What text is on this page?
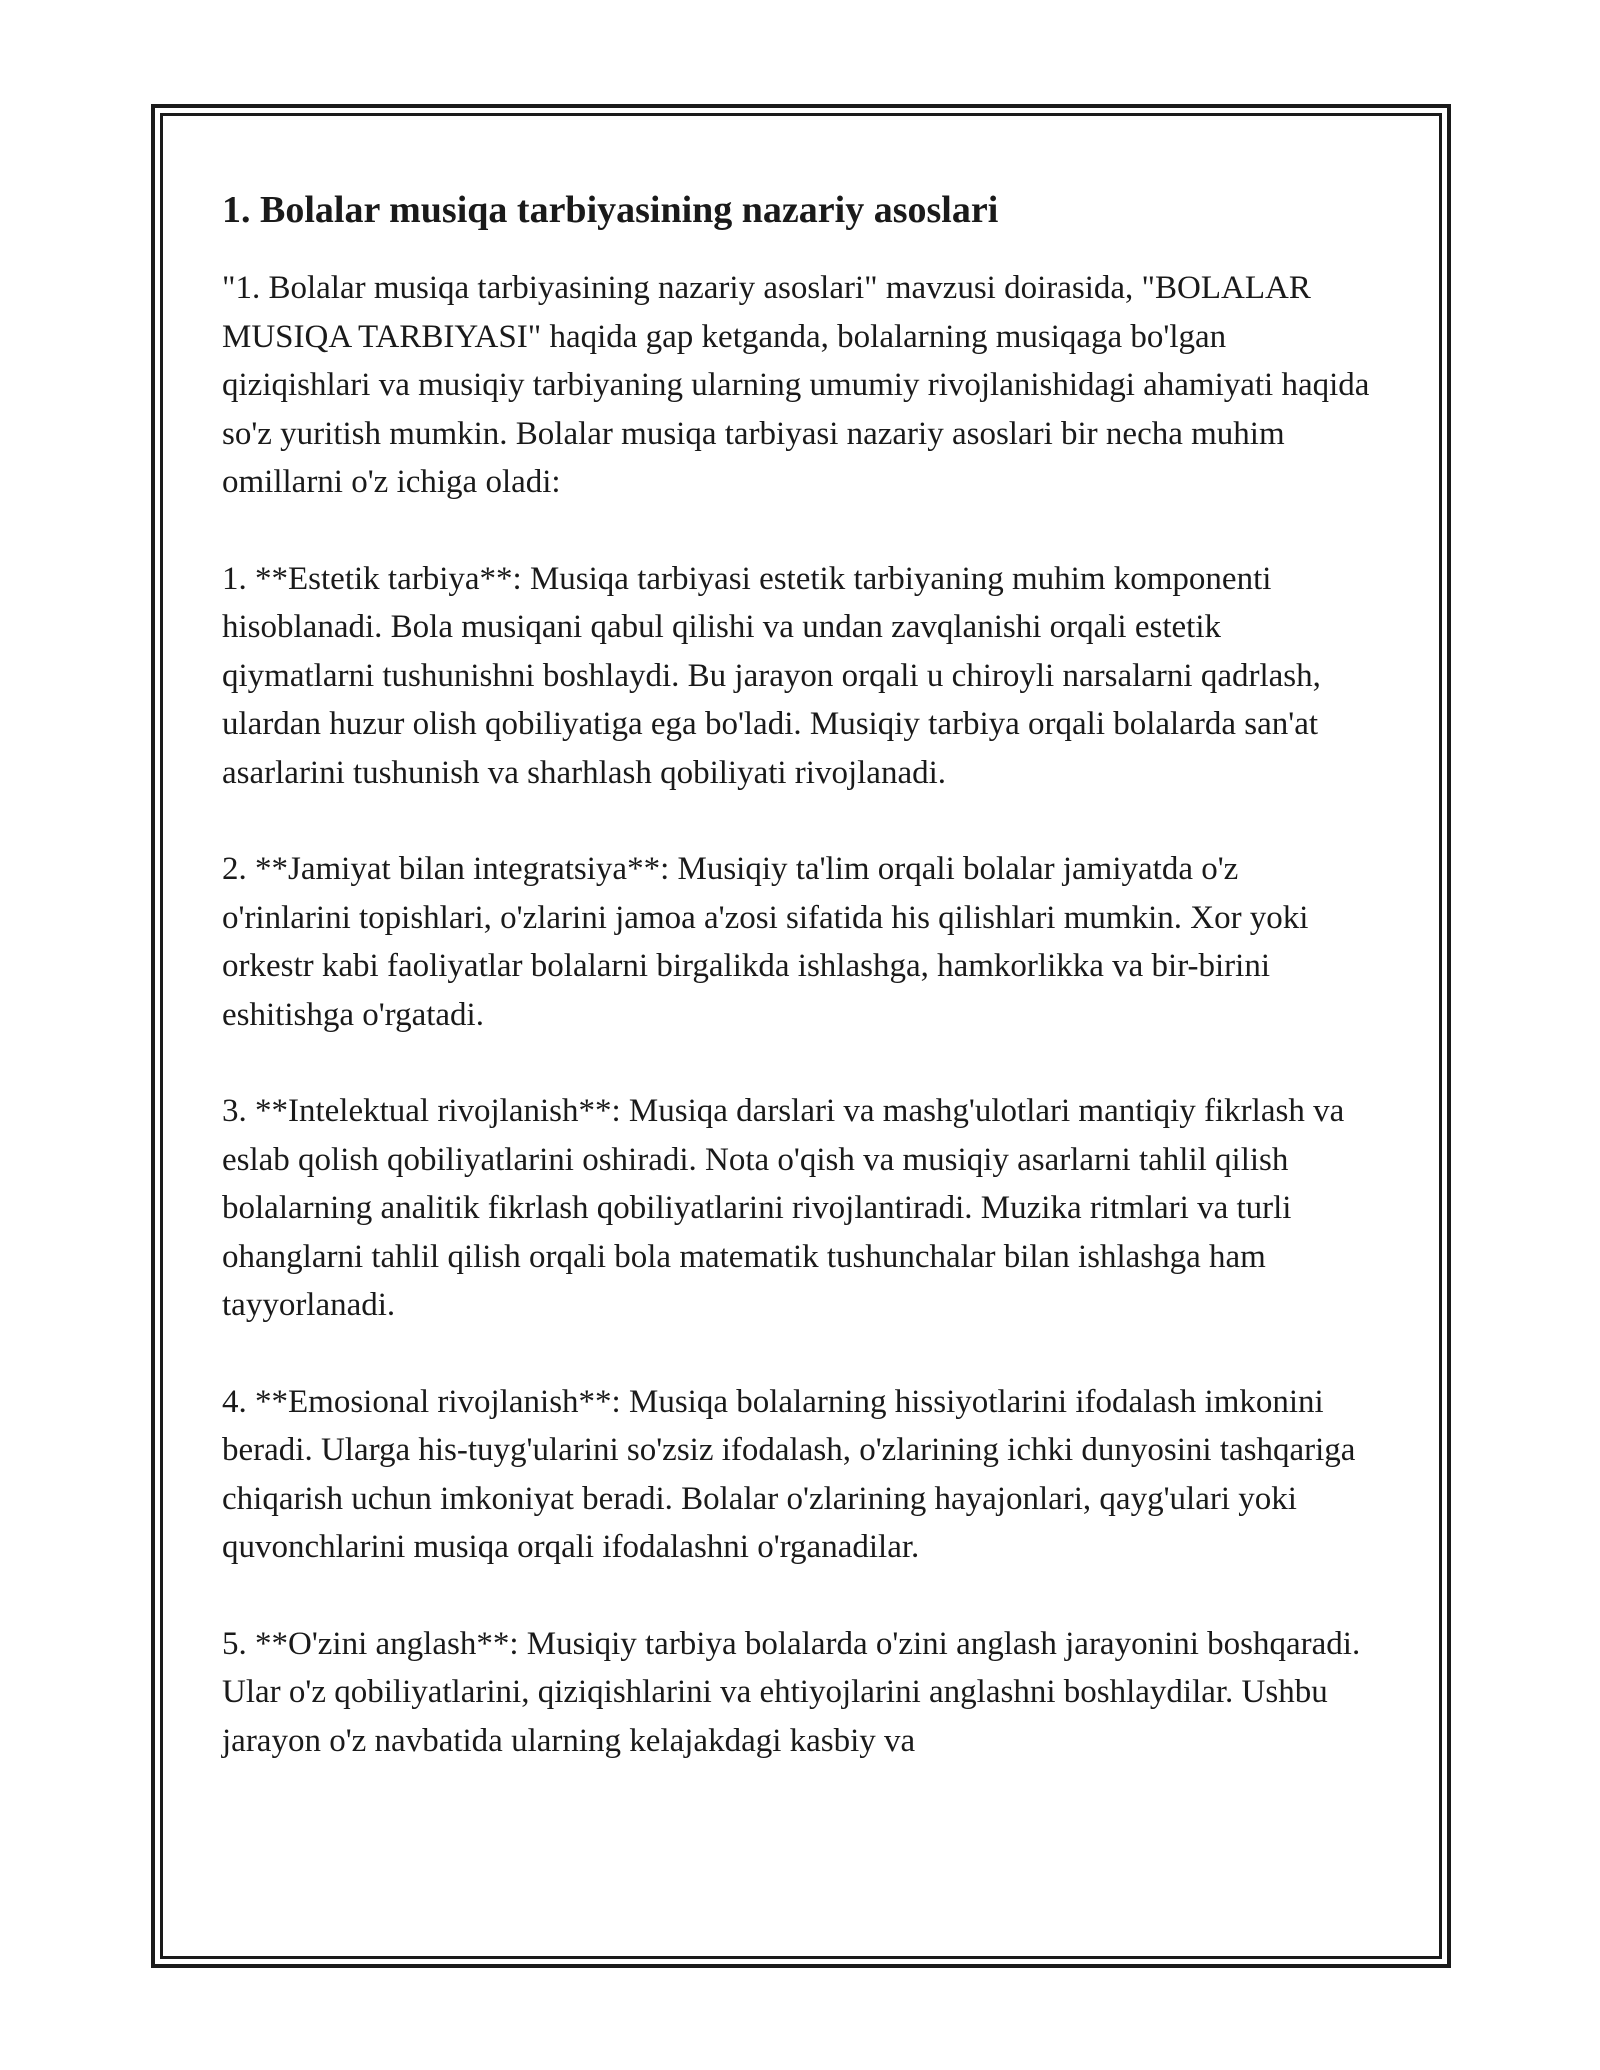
1. Bolalar musiqa tarbiyasining nazariy asoslari

"1. Bolalar musiqa tarbiyasining nazariy asoslari" mavzusi doirasida, "BOLALAR MUSIQA TARBIYASI" haqida gap ketganda, bolalarning musiqaga bo'lgan qiziqishlari va musiqiy tarbiyaning ularning umumiy rivojlanishidagi ahamiyati haqida so'z yuritish mumkin. Bolalar musiqa tarbiyasi nazariy asoslari bir necha muhim omillarni o'z ichiga oladi:

1. **Estetik tarbiya**: Musiqa tarbiyasi estetik tarbiyaning muhim komponenti hisoblanadi. Bola musiqani qabul qilishi va undan zavqlanishi orqali estetik qiymatlarni tushunishni boshlaydi. Bu jarayon orqali u chiroyli narsalarni qadrlash, ulardan huzur olish qobiliyatiga ega bo'ladi. Musiqiy tarbiya orqali bolalarda san'at asarlarini tushunish va sharhlash qobiliyati rivojlanadi.

2. **Jamiyat bilan integratsiya**: Musiqiy ta'lim orqali bolalar jamiyatda o'z o'rinlarini topishlari, o'zlarini jamoa a'zosi sifatida his qilishlari mumkin. Xor yoki orkestr kabi faoliyatlar bolalarni birgalikda ishlashga, hamkorlikka va bir-birini eshitishga o'rgatadi.

3. **Intelektual rivojlanish**: Musiqa darslari va mashg'ulotlari mantiqiy fikrlash va eslab qolish qobiliyatlarini oshiradi. Nota o'qish va musiqiy asarlarni tahlil qilish bolalarning analitik fikrlash qobiliyatlarini rivojlantiradi. Muzika ritmlari va turli ohanglarni tahlil qilish orqali bola matematik tushunchalar bilan ishlashga ham tayyorlanadi.

4. **Emosional rivojlanish**: Musiqa bolalarning hissiyotlarini ifodalash imkonini beradi. Ularga his-tuyg'ularini so'zsiz ifodalash, o'zlarining ichki dunyosini tashqariga chiqarish uchun imkoniyat beradi. Bolalar o'zlarining hayajonlari, qayg'ulari yoki quvonchlarini musiqa orqali ifodalashni o'rganadilar.

5. **O'zini anglash**: Musiqiy tarbiya bolalarda o'zini anglash jarayonini boshqaradi. Ular o'z qobiliyatlarini, qiziqishlarini va ehtiyojlarini anglashni boshlaydilar. Ushbu jarayon o'z navbatida ularning kelajakdagi kasbiy va
